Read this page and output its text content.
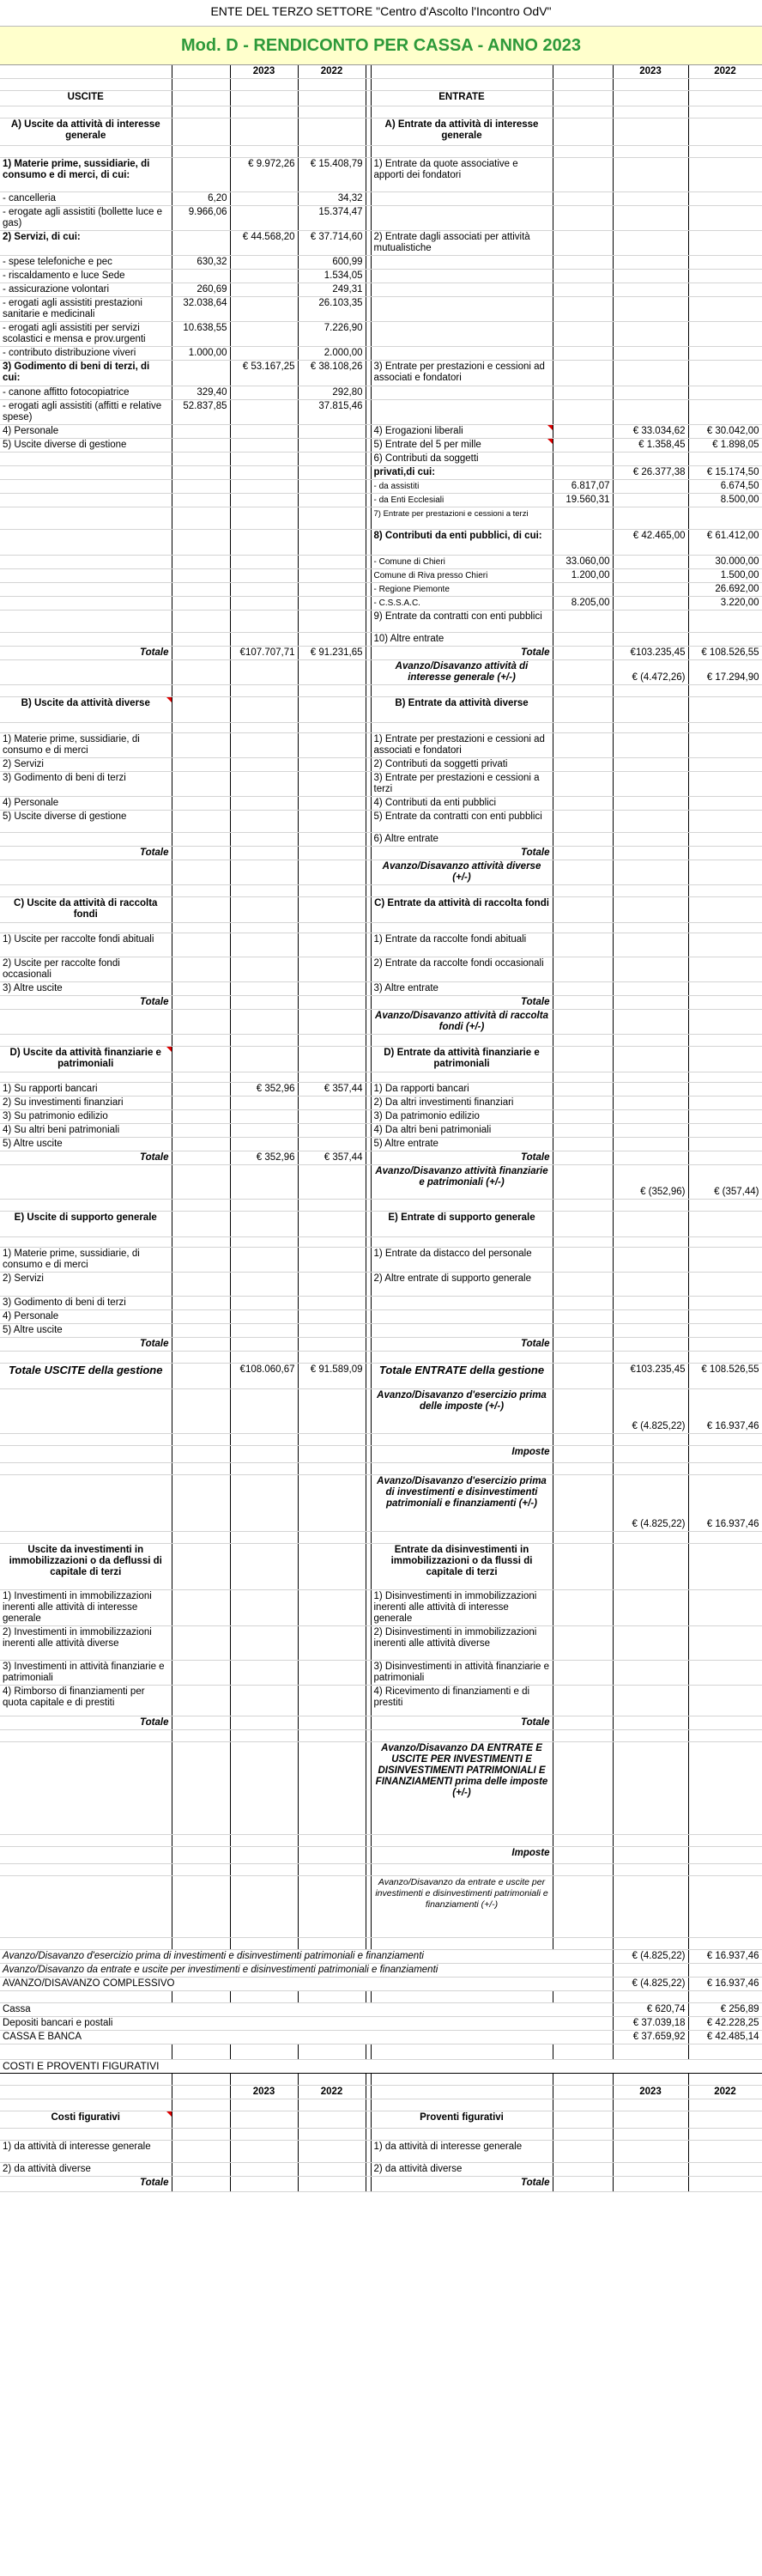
ENTE DEL TERZO SETTORE "Centro d'Ascolto l'Incontro OdV"
Mod. D - RENDICONTO PER CASSA - ANNO 2023
		2023	2022				2023	2022

USCITE					ENTRATE			

A) Uscite da attività di interesse generale					A) Entrate da attività di interesse generale			

1) Materie prime, sussidiarie, di consumo e di merci, di cui:		€ 9.972,26	€ 15.408,79		1) Entrate da quote associative e apporti dei fondatori			
- cancelleria	6,20		34,32					
- erogate agli assistiti (bollette luce e gas)	9.966,06		15.374,47					
2) Servizi, di cui:		€ 44.568,20	€ 37.714,60		2) Entrate dagli associati per attività mutualistiche			
- spese telefoniche e pec	630,32		600,99					
- riscaldamento e luce Sede			1.534,05					
- assicurazione volontari	260,69		249,31					
- erogati agli assistiti prestazioni sanitarie e medicinali	32.038,64		26.103,35					
- erogati agli assistiti per servizi scolastici e mensa e prov.urgenti	10.638,55		7.226,90					
- contributo distribuzione viveri	1.000,00		2.000,00					
3) Godimento di beni di terzi, di cui:		€ 53.167,25	€ 38.108,26		3) Entrate per prestazioni e cessioni ad associati e fondatori			
- canone affitto fotocopiatrice	329,40		292,80					
- erogati agli assistiti (affitti e relative spese)	52.837,85		37.815,46					
4) Personale					4) Erogazioni liberali		€ 33.034,62	€ 30.042,00
5) Uscite diverse di gestione					5) Entrate del 5 per mille		€ 1.358,45	€ 1.898,05
					6) Contributi da soggetti			
					privati,di cui:		€ 26.377,38	€ 15.174,50
					- da assistiti	6.817,07		6.674,50
					- da Enti Ecclesiali	19.560,31		8.500,00
					7) Entrate per prestazioni e cessioni a terzi			
					8) Contributi da enti pubblici, di cui:		€ 42.465,00	€ 61.412,00
					- Comune di Chieri	33.060,00		30.000,00
					Comune di Riva presso Chieri	1.200,00		1.500,00
					- Regione Piemonte			26.692,00
					- C.S.S.A.C.	8.205,00		3.220,00
					9) Entrate da contratti con enti pubblici			
					10) Altre entrate			
Totale		€107.707,71	€ 91.231,65		Totale		€103.235,45	€ 108.526,55
					Avanzo/Disavanzo attività di interesse generale (+/-)		€ (4.472,26)	€ 17.294,90

B) Uscite da attività diverse					B) Entrate da attività diverse			

1) Materie prime, sussidiarie, di consumo e di merci					1) Entrate per prestazioni e cessioni ad associati e fondatori			
2) Servizi					2) Contributi da soggetti privati			
3) Godimento di beni di terzi					3) Entrate per prestazioni e cessioni a terzi			
4) Personale					4) Contributi da enti pubblici			
5) Uscite diverse di gestione					5) Entrate da contratti con enti pubblici			
					6) Altre entrate			
Totale					Totale			
					Avanzo/Disavanzo attività diverse (+/-)			

C) Uscite da attività di raccolta fondi					C) Entrate da attività di raccolta fondi			

1) Uscite per raccolte fondi abituali					1) Entrate da raccolte fondi abituali			
2) Uscite per raccolte fondi occasionali					2) Entrate da raccolte fondi occasionali			
3) Altre uscite					3) Altre entrate			
Totale					Totale			
					Avanzo/Disavanzo attività di raccolta fondi (+/-)			

D) Uscite da attività finanziarie e patrimoniali					D) Entrate da attività finanziarie e patrimoniali			

1) Su rapporti bancari		€ 352,96	€ 357,44		1) Da rapporti bancari			
2) Su investimenti finanziari					2) Da altri investimenti finanziari			
3) Su patrimonio edilizio					3) Da patrimonio edilizio			
4) Su altri beni patrimoniali					4) Da altri beni patrimoniali			
5) Altre uscite					5) Altre entrate			
Totale		€ 352,96	€ 357,44		Totale			
					Avanzo/Disavanzo attività finanziarie e patrimoniali (+/-)		€ (352,96)	€ (357,44)

E) Uscite di supporto generale					E) Entrate di supporto generale			

1) Materie prime, sussidiarie, di consumo e di merci					1) Entrate da distacco del personale			
2) Servizi					2) Altre entrate di supporto generale			
3) Godimento di beni di terzi								
4) Personale								
5) Altre uscite								
Totale					Totale			

Totale USCITE della gestione		€108.060,67	€ 91.589,09		Totale ENTRATE della gestione		€103.235,45	€ 108.526,55
					Avanzo/Disavanzo d'esercizio prima delle imposte (+/-)		€ (4.825,22)	€ 16.937,46

					Imposte			

					Avanzo/Disavanzo d'esercizio prima di investimenti e disinvestimenti patrimoniali e finanziamenti (+/-)		€ (4.825,22)	€ 16.937,46

Uscite da investimenti in immobilizzazioni o da deflussi di capitale di terzi					Entrate da disinvestimenti in immobilizzazioni o da flussi di capitale di terzi			
1) Investimenti in immobilizzazioni inerenti alle attività di interesse generale					1) Disinvestimenti in immobilizzazioni inerenti alle attività di interesse generale			
2) Investimenti in immobilizzazioni inerenti alle attività diverse					2) Disinvestimenti in immobilizzazioni inerenti alle attività diverse			
3) Investimenti in attività finanziarie e patrimoniali					3) Disinvestimenti in attività finanziarie e patrimoniali			
4) Rimborso di finanziamenti per quota capitale e di prestiti					4) Ricevimento di finanziamenti e di prestiti			
Totale					Totale			

					Avanzo/Disavanzo DA ENTRATE E USCITE PER INVESTIMENTI E DISINVESTIMENTI PATRIMONIALI E FINANZIAMENTI prima delle imposte (+/-)			

					Imposte			

					Avanzo/Disavanzo da entrate e uscite per investimenti e disinvestimenti patrimoniali e finanziamenti (+/-)			

Avanzo/Disavanzo d'esercizio prima di investimenti e disinvestimenti patrimoniali e finanziamenti							€ (4.825,22)	€ 16.937,46
Avanzo/Disavanzo da entrate e uscite per investimenti e disinvestimenti patrimoniali e finanziamenti								
AVANZO/DISAVANZO COMPLESSIVO							€ (4.825,22)	€ 16.937,46

Cassa							€ 620,74	€ 256,89
Depositi bancari e postali							€ 37.039,18	€ 42.228,25
CASSA E BANCA							€ 37.659,92	€ 42.485,14

COSTI E PROVENTI FIGURATIVI								

		2023	2022				2023	2022

Costi figurativi					Proventi figurativi			

1) da attività di interesse generale					1) da attività di interesse generale			
2) da attività diverse					2) da attività diverse			
Totale					Totale			
